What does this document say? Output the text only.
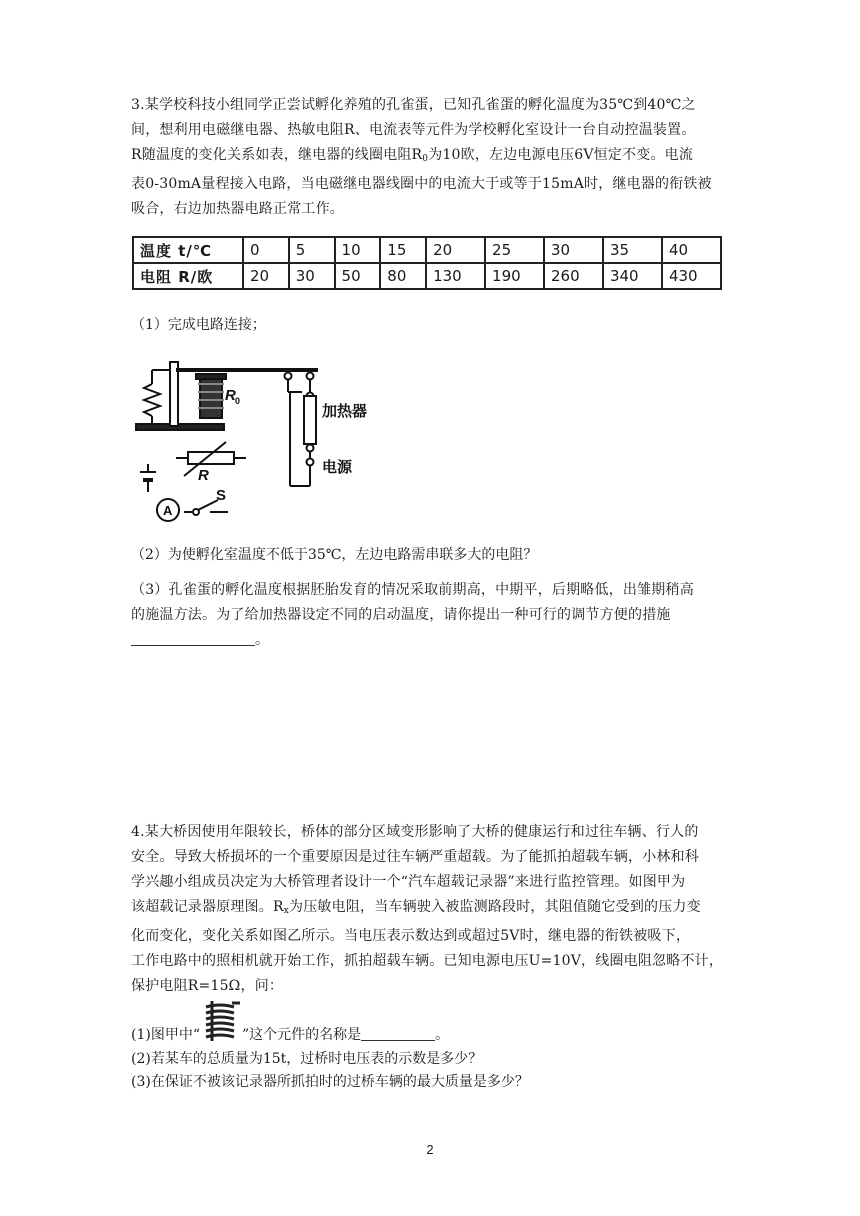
3.某学校科技小组同学正尝试孵化养殖的孔雀蛋，已知孔雀蛋的孵化温度为35℃到40℃之
间，想利用电磁继电器、热敏电阻R、电流表等元件为学校孵化室设计一台自动控温装置。
R随温度的变化关系如表，继电器的线圈电阻$R_0$为10欧，左边电源电压6V恒定不变。电流
表0-30mA量程接入电路，当电磁继电器线圈中的电流大于或等于15mA时，继电器的衔铁被
吸合，右边加热器电路正常工作。
温度 t/℃	0	5	10	15	20	25	30	35	40
电阻 R/欧	20	30	50	80	130	190	260	340	430
（1）完成电路连接；
R 0
加热器
电源
R
A
S
（2）为使孵化室温度不低于35℃，左边电路需串联多大的电阻？
（3）孔雀蛋的孵化温度根据胚胎发育的情况采取前期高，中期平，后期略低，出雏期稍高
的施温方法。为了给加热器设定不同的启动温度，请你提出一种可行的调节方便的措施
。
4.某大桥因使用年限较长，桥体的部分区域变形影响了大桥的健康运行和过往车辆、行人的
安全。导致大桥损坏的一个重要原因是过往车辆严重超载。为了能抓拍超载车辆，小林和科
学兴趣小组成员决定为大桥管理者设计一个“汽车超载记录器”来进行监控管理。如图甲为
该超载记录器原理图。$R_x$为压敏电阻，当车辆驶入被监测路段时，其阻值随它受到的压力变
化而变化，变化关系如图乙所示。当电压表示数达到或超过5V时，继电器的衔铁被吸下，
工作电路中的照相机就开始工作，抓拍超载车辆。已知电源电压U=10V，线圈电阻忽略不计，
保护电阻R=15Ω，问：
(1)图甲中“	”这个元件的名称是	。
(2)若某车的总质量为15t，过桥时电压表的示数是多少？
(3)在保证不被该记录器所抓拍时的过桥车辆的最大质量是多少？
2
